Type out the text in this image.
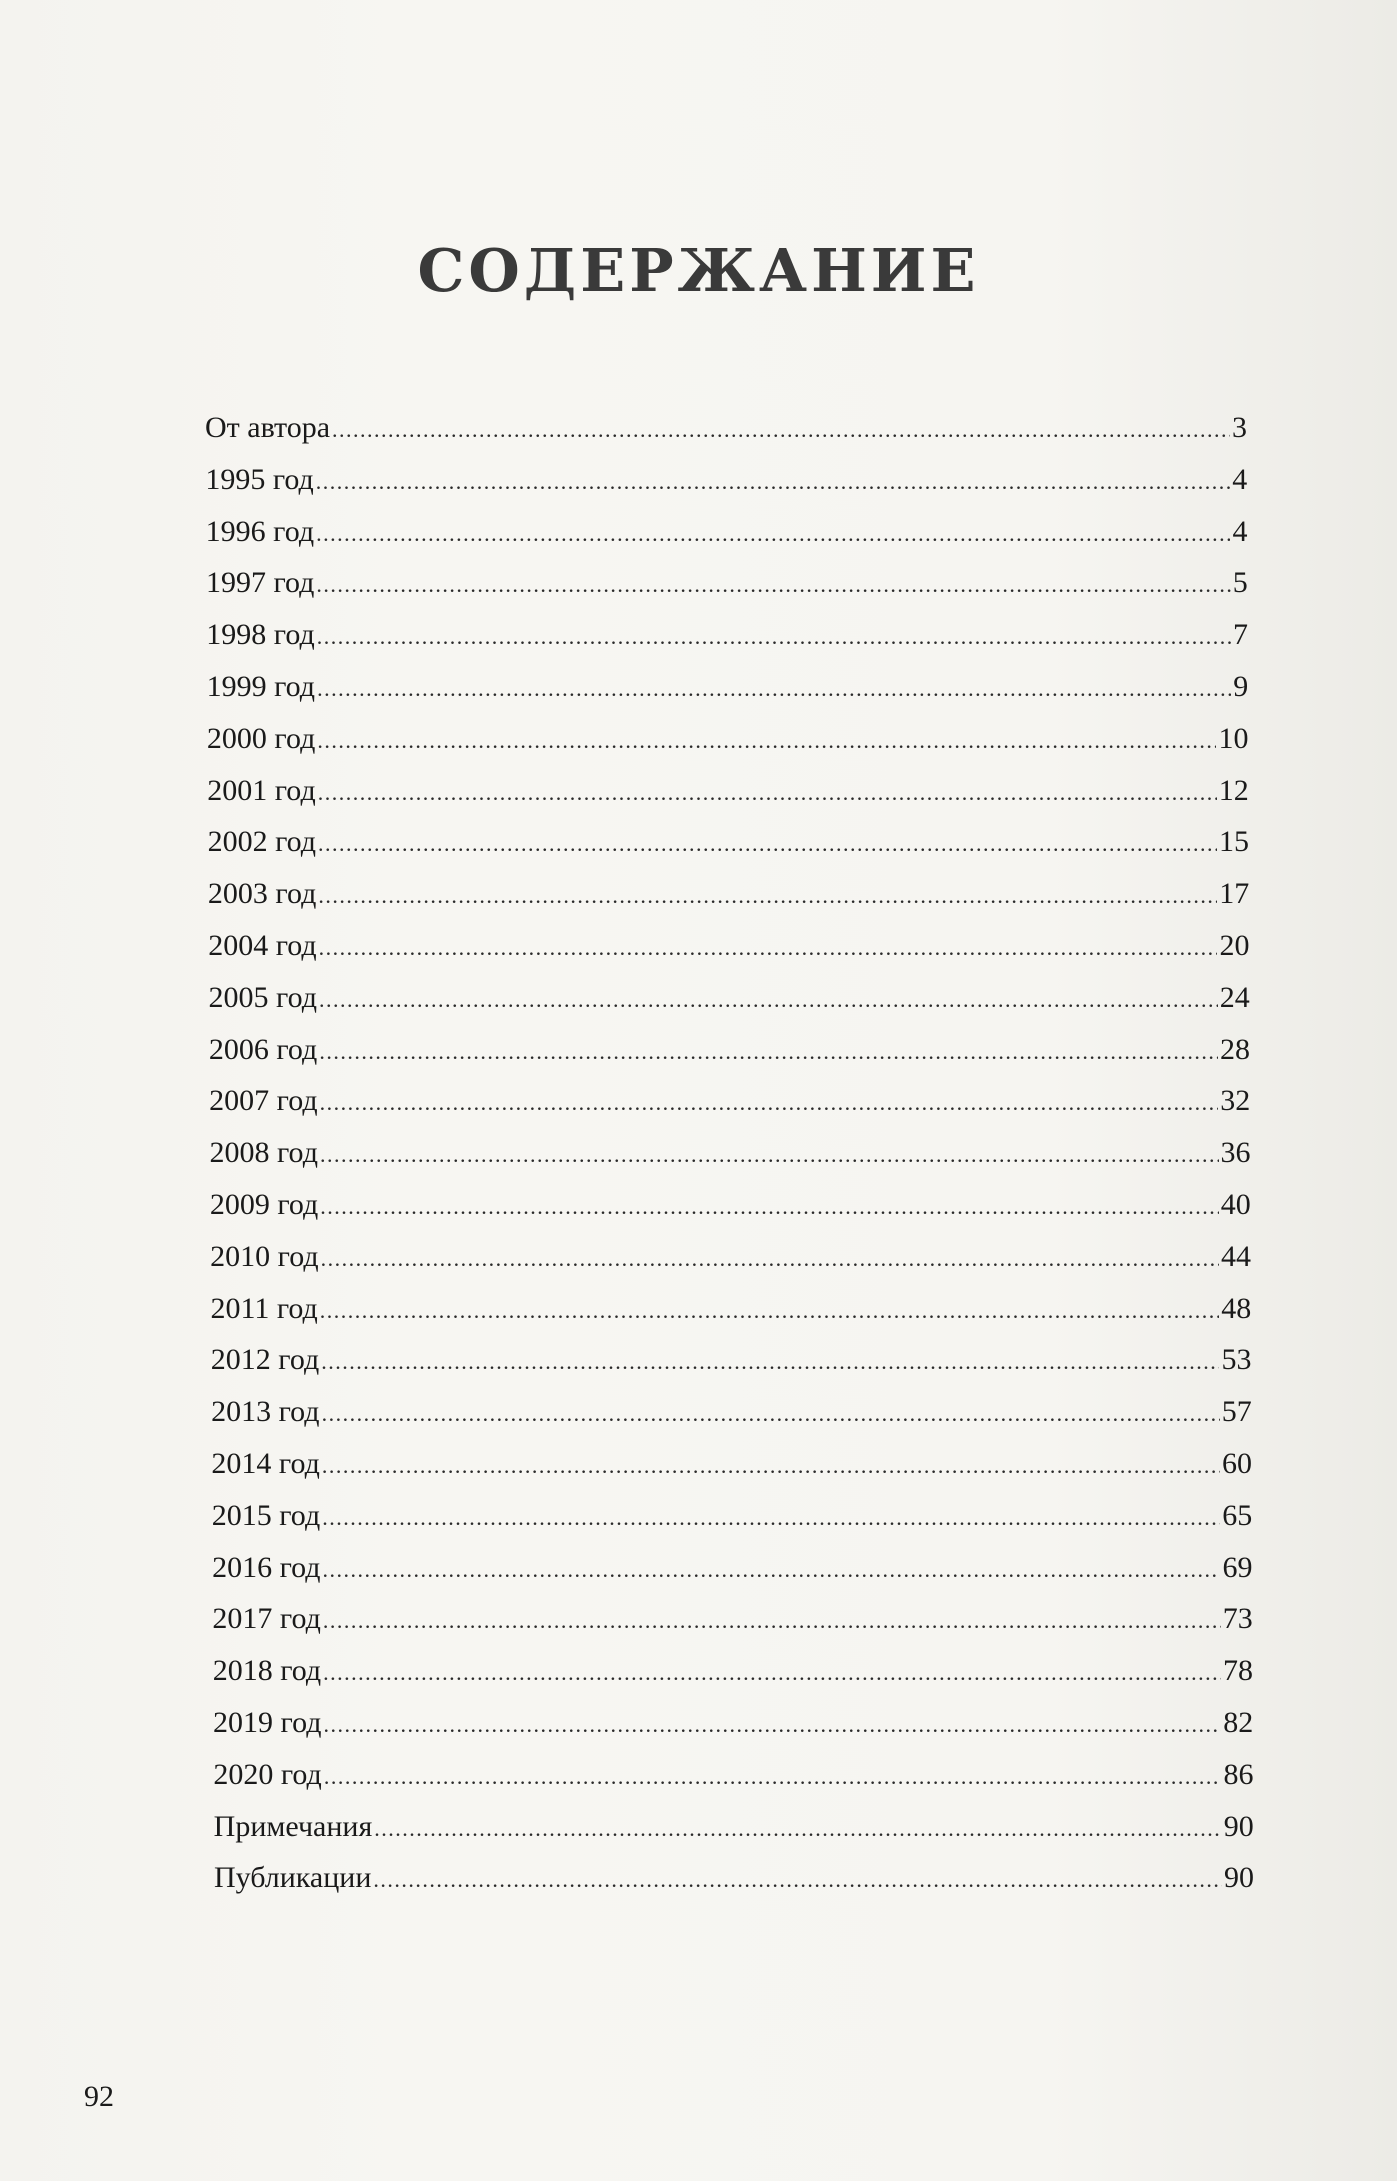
содержание
От автора .....	3
1995 год .....	4
1996 год .....	4
1997 год .....	5
1998 год .....	7
1999 год .....	9
2000 год .....	10
2001 год .....	12
2002 год .....	15
2003 год .....	17
2004 год .....	20
2005 год .....	24
2006 год .....	28
2007 год .....	32
2008 год .....	36
2009 год .....	40
2010 год .....	44
2011 год .....	48
2012 год .....	53
2013 год .....	57
2014 год .....	60
2015 год .....	65
2016 год .....	69
2017 год .....	73
2018 год .....	78
2019 год .....	82
2020 год .....	86
Примечания .....	90
Публикации .....	90
92
